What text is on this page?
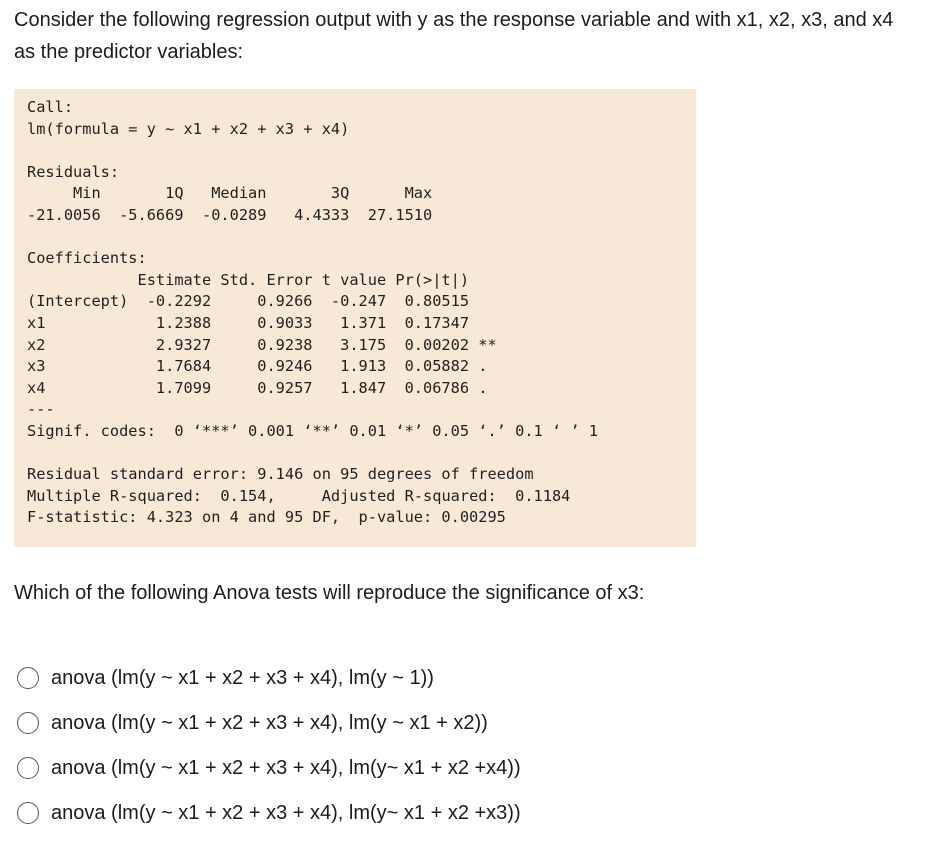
Consider the following regression output with y as the response variable and with x1, x2, x3, and x4 as the predictor variables:

Call:
lm(formula = y ~ x1 + x2 + x3 + x4)

Residuals:
Min       1Q   Median       3Q      Max
-21.0056  -5.6669  -0.0289   4.4333  27.1510

Coefficients:
Estimate Std. Error t value Pr(>|t|)
(Intercept)  -0.2292     0.9266  -0.247  0.80515
x1            1.2388     0.9033   1.371  0.17347
x2            2.9327     0.9238   3.175  0.00202 **
x3            1.7684     0.9246   1.913  0.05882 .
x4            1.7099     0.9257   1.847  0.06786 .
---
Signif. codes:  0 ‘***’ 0.001 ‘**’ 0.01 ‘*’ 0.05 ‘.’ 0.1 ‘ ’ 1

Residual standard error: 9.146 on 95 degrees of freedom
Multiple R-squared:  0.154,	Adjusted R-squared:  0.1184
F-statistic: 4.323 on 4 and 95 DF,  p-value: 0.00295

Which of the following Anova tests will reproduce the significance of x3:

anova (lm(y ~ x1 + x2 + x3 + x4), lm(y ~ 1))
anova (lm(y ~ x1 + x2 + x3 + x4), lm(y ~ x1 + x2))
anova (lm(y ~ x1 + x2 + x3 + x4), lm(y~ x1 + x2 +x4))
anova (lm(y ~ x1 + x2 + x3 + x4), lm(y~ x1 + x2 +x3))
